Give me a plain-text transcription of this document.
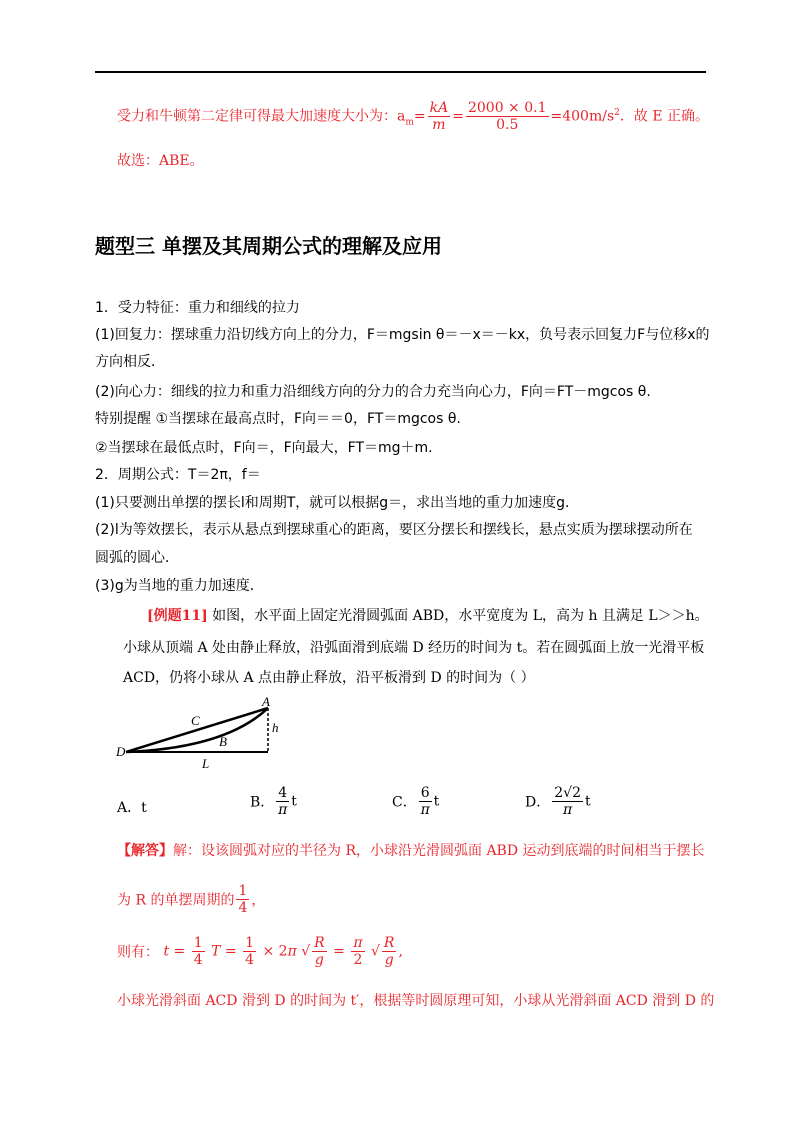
受力和牛顿第二定律可得最大加速度大小为：$a_m= \frac{kA}{m} = \frac{2000 \times 0.1}{0.5} =400m/s^2$．故 E 正确。
故选：ABE。
题型三 单摆及其周期公式的理解及应用
1．受力特征：重力和细线的拉力
(1)回复力：摆球重力沿切线方向上的分力，F＝mgsin θ＝－x＝－kx，负号表示回复力F与位移x的
方向相反．
(2)向心力：细线的拉力和重力沿细线方向的分力的合力充当向心力，F向＝FT－mgcos θ.
特别提醒 ①当摆球在最高点时，F向＝＝0，FT＝mgcos θ.
②当摆球在最低点时，F向＝，F向最大，FT＝mg＋m.
2．周期公式：T＝2π，f＝
(1)只要测出单摆的摆长l和周期T，就可以根据g＝，求出当地的重力加速度g.
(2)l为等效摆长，表示从悬点到摆球重心的距离，要区分摆长和摆线长，悬点实质为摆球摆动所在
圆弧的圆心．
(3)g为当地的重力加速度．
[例题11] 如图，水平面上固定光滑圆弧面 ABD，水平宽度为 L，高为 h 且满足 L＞＞h。
小球从顶端 A 处由静止释放，沿弧面滑到底端 D 经历的时间为 t。若在圆弧面上放一光滑平板
ACD，仍将小球从 A 点由静止释放，沿平板滑到 D 的时间为（ ）
A
C
B
D
h
L
A．t	B． $\frac{4}{\pi}$ t	C． $\frac{6}{\pi}$ t	D． $\frac{2√2}{\pi}$ t
【解答】解：设该圆弧对应的半径为 R，小球沿光滑圆弧面 ABD 运动到底端的时间相当于摆长
为 R 的单摆周期的 $\frac{1}{4}$ ，
则有： $t = \frac{1}{4}$ $T = \frac{1}{4} \times 2\pi$ √ $\frac{R}{g} = \frac{\pi}{2}$ √ $\frac{R}{g}$ ,
小球光滑斜面 ACD 滑到 D 的时间为 t′，根据等时圆原理可知，小球从光滑斜面 ACD 滑到 D 的
